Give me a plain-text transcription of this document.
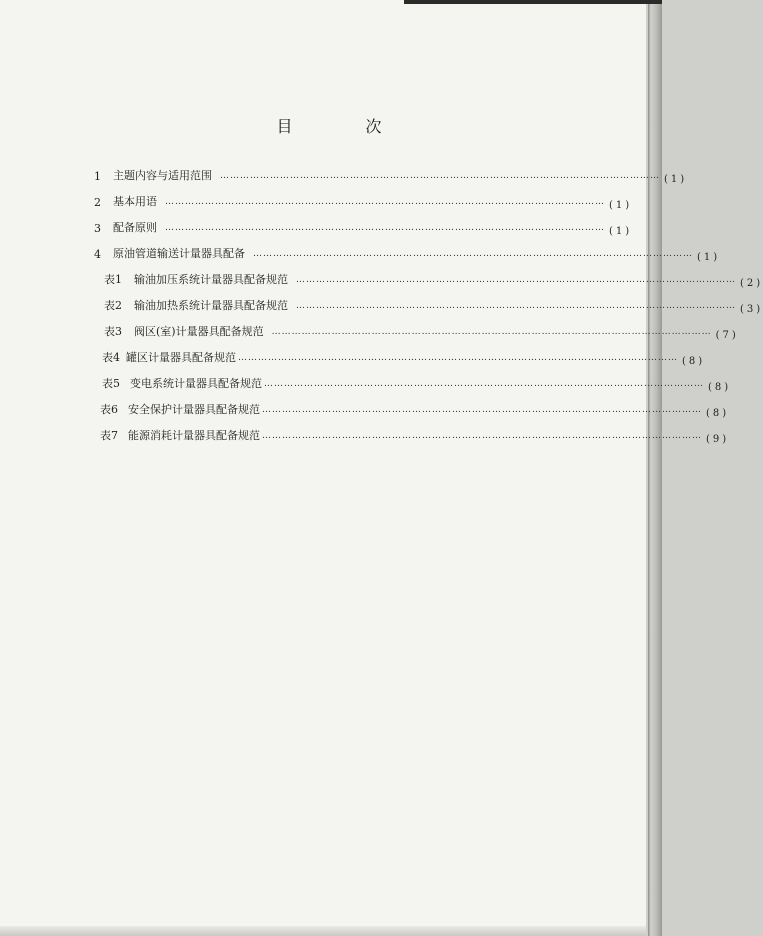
目 次
1 主题内容与适用范围 …………………………………………………………………………………………………………………… (1)
2 基本用语 …………………………………………………………………………………………………………………… (1)
3 配备原则 …………………………………………………………………………………………………………………… (1)
4 原油管道输送计量器具配备 …………………………………………………………………………………………………………………… (1)
表1 输油加压系统计量器具配备规范 …………………………………………………………………………………………………………………… (2)
表2 输油加热系统计量器具配备规范 …………………………………………………………………………………………………………………… (3)
表3 阀区(室)计量器具配备规范 …………………………………………………………………………………………………………………… (7)
表4 罐区计量器具配备规范 …………………………………………………………………………………………………………………… (8)
表5 变电系统计量器具配备规范 …………………………………………………………………………………………………………………… (8)
表6 安全保护计量器具配备规范 …………………………………………………………………………………………………………………… (8)
表7 能源消耗计量器具配备规范 …………………………………………………………………………………………………………………… (9)
